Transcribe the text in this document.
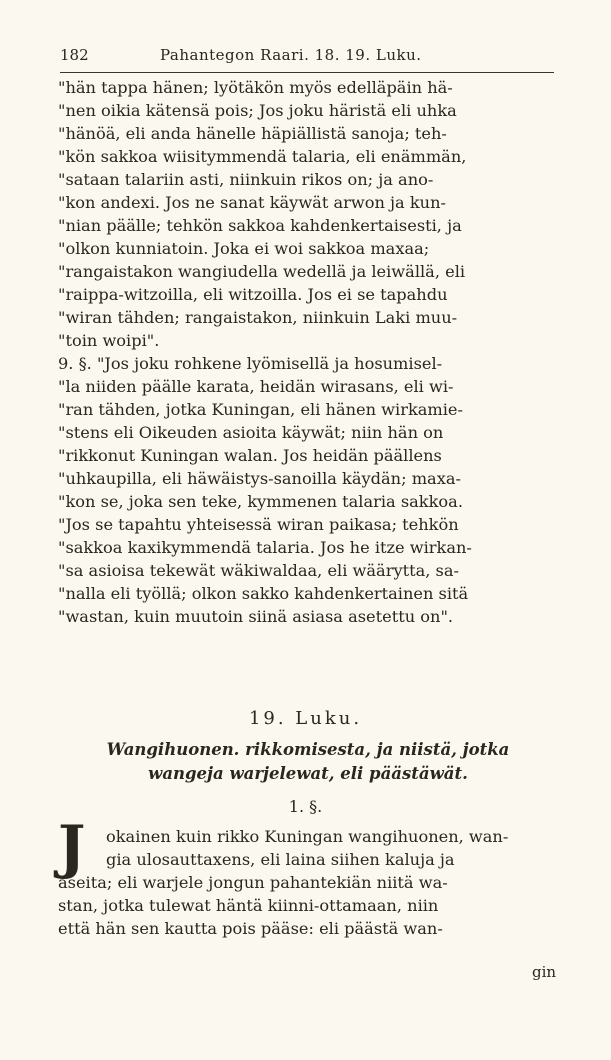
182	Pahantegon Raari. 18. 19. Luku.
"hän tappa hänen; lyötäkön myös edelläpäin hä-
"nen oikia kätensä pois; Jos joku häristä eli uhka
"hänöä, eli anda hänelle häpiällistä sanoja; teh-
"kön sakkoa wiisitymmendä talaria, eli enämmän,
"sataan talariin asti, niinkuin rikos on; ja ano-
"kon andexi. Jos ne sanat käywät arwon ja kun-
"nian päälle; tehkön sakkoa kahdenkertaisesti, ja
"olkon kunniatoin. Joka ei woi sakkoa maxaa;
"rangaistakon wangiudella wedellä ja leiwällä, eli
"raippa-witzoilla, eli witzoilla. Jos ei se tapahdu
"wiran tähden; rangaistakon, niinkuin Laki muu-
"toin woipi".
9. §. "Jos joku rohkene lyömisellä ja hosumisel-
"la niiden päälle karata, heidän wirasans, eli wi-
"ran tähden, jotka Kuningan, eli hänen wirkamie-
"stens eli Oikeuden asioita käywät; niin hän on
"rikkonut Kuningan walan. Jos heidän päällens
"uhkaupilla, eli häwäistys-sanoilla käydän; maxa-
"kon se, joka sen teke, kymmenen talaria sakkoa.
"Jos se tapahtu yhteisessä wiran paikasa; tehkön
"sakkoa kaxikymmendä talaria. Jos he itze wirkan-
"sa asioisa tekewät wäkiwaldaa, eli wäärytta, sa-
"nalla eli työllä; olkon sakko kahdenkertainen sitä
"wastan, kuin muutoin siinä asiasa asetettu on".
19. Luku.
Wangihuonen. rikkomisesta, ja niistä, jotka
wangeja warjelewat, eli päästäwät.
1. §.
J	okainen kuin rikko Kuningan wangihuonen, wan-
gia ulosauttaxens, eli laina siihen kaluja ja
aseita; eli warjele jongun pahantekiän niitä wa-
stan, jotka tulewat häntä kiinni-ottamaan, niin
että hän sen kautta pois pääse: eli päästä wan-
gin
